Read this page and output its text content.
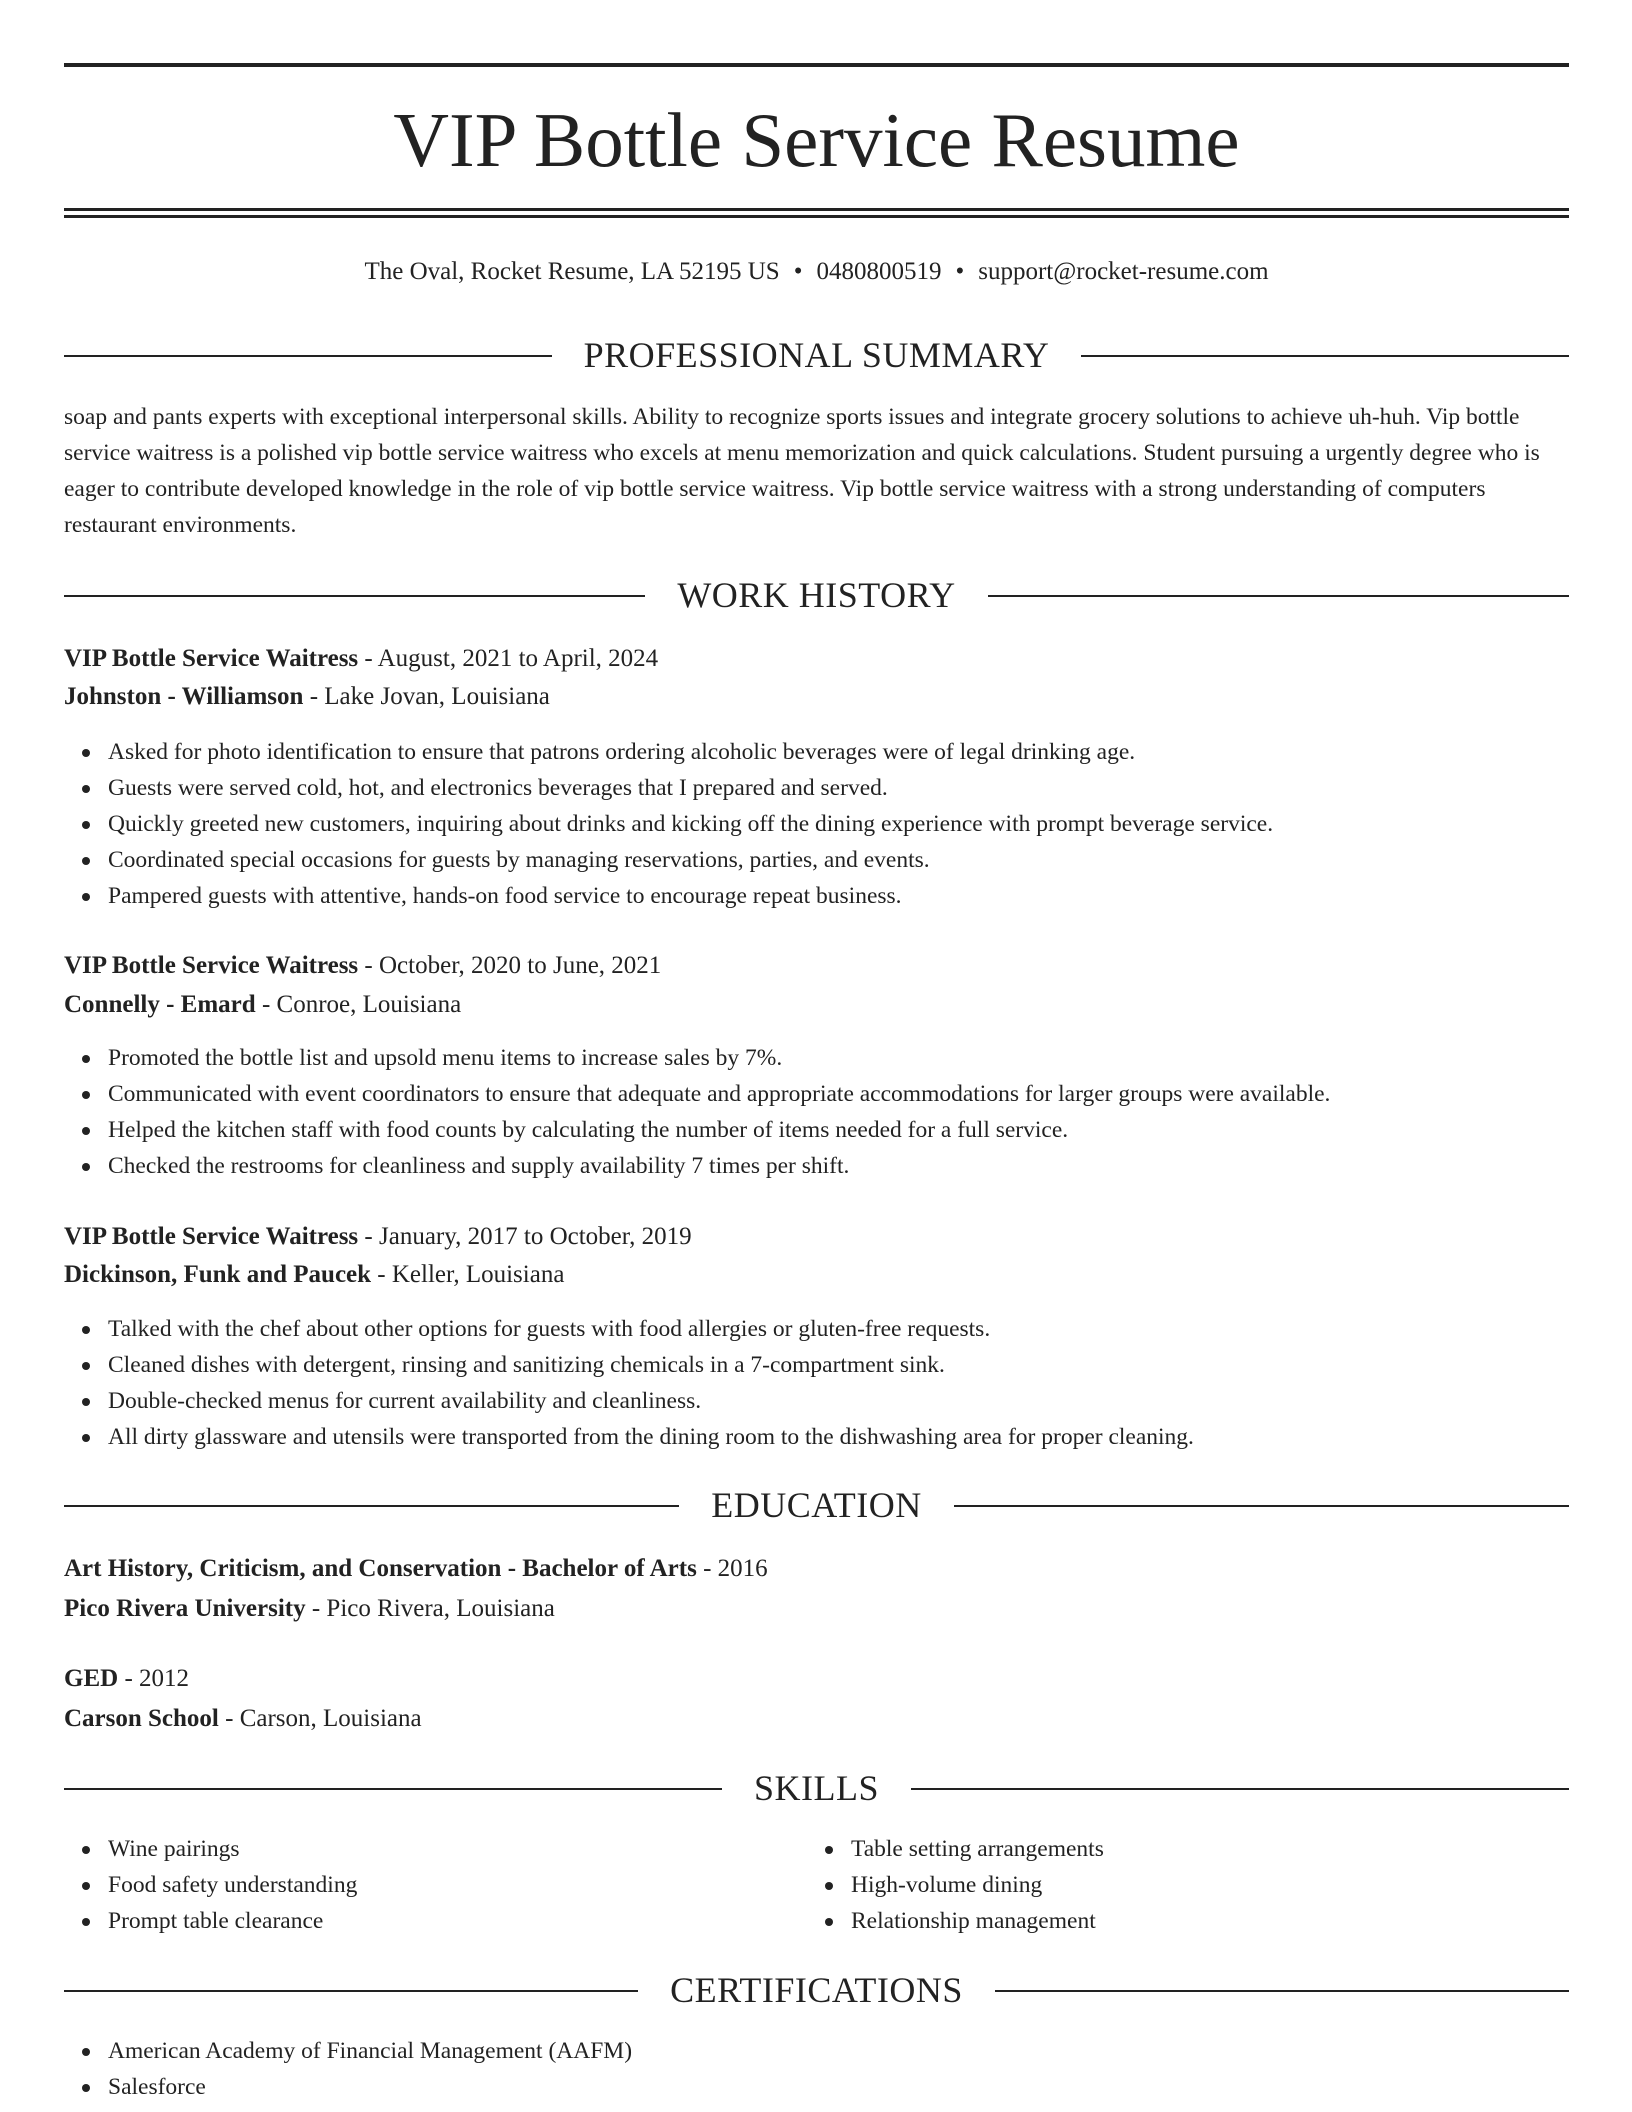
VIP Bottle Service Resume
The Oval, Rocket Resume, LA 52195 US • 0480800519 • support@rocket-resume.com
PROFESSIONAL SUMMARY
soap and pants experts with exceptional interpersonal skills. Ability to recognize sports issues and integrate grocery solutions to achieve uh-huh. Vip bottle service waitress is a polished vip bottle service waitress who excels at menu memorization and quick calculations. Student pursuing a urgently degree who is eager to contribute developed knowledge in the role of vip bottle service waitress. Vip bottle service waitress with a strong understanding of computers restaurant environments.
WORK HISTORY
VIP Bottle Service Waitress - August, 2021 to April, 2024
Johnston - Williamson - Lake Jovan, Louisiana
Asked for photo identification to ensure that patrons ordering alcoholic beverages were of legal drinking age.
Guests were served cold, hot, and electronics beverages that I prepared and served.
Quickly greeted new customers, inquiring about drinks and kicking off the dining experience with prompt beverage service.
Coordinated special occasions for guests by managing reservations, parties, and events.
Pampered guests with attentive, hands-on food service to encourage repeat business.
VIP Bottle Service Waitress - October, 2020 to June, 2021
Connelly - Emard - Conroe, Louisiana
Promoted the bottle list and upsold menu items to increase sales by 7%.
Communicated with event coordinators to ensure that adequate and appropriate accommodations for larger groups were available.
Helped the kitchen staff with food counts by calculating the number of items needed for a full service.
Checked the restrooms for cleanliness and supply availability 7 times per shift.
VIP Bottle Service Waitress - January, 2017 to October, 2019
Dickinson, Funk and Paucek - Keller, Louisiana
Talked with the chef about other options for guests with food allergies or gluten-free requests.
Cleaned dishes with detergent, rinsing and sanitizing chemicals in a 7-compartment sink.
Double-checked menus for current availability and cleanliness.
All dirty glassware and utensils were transported from the dining room to the dishwashing area for proper cleaning.
EDUCATION
Art History, Criticism, and Conservation - Bachelor of Arts - 2016
Pico Rivera University - Pico Rivera, Louisiana
GED - 2012
Carson School - Carson, Louisiana
SKILLS
Wine pairings
Food safety understanding
Prompt table clearance
Table setting arrangements
High-volume dining
Relationship management
CERTIFICATIONS
American Academy of Financial Management (AAFM)
Salesforce
